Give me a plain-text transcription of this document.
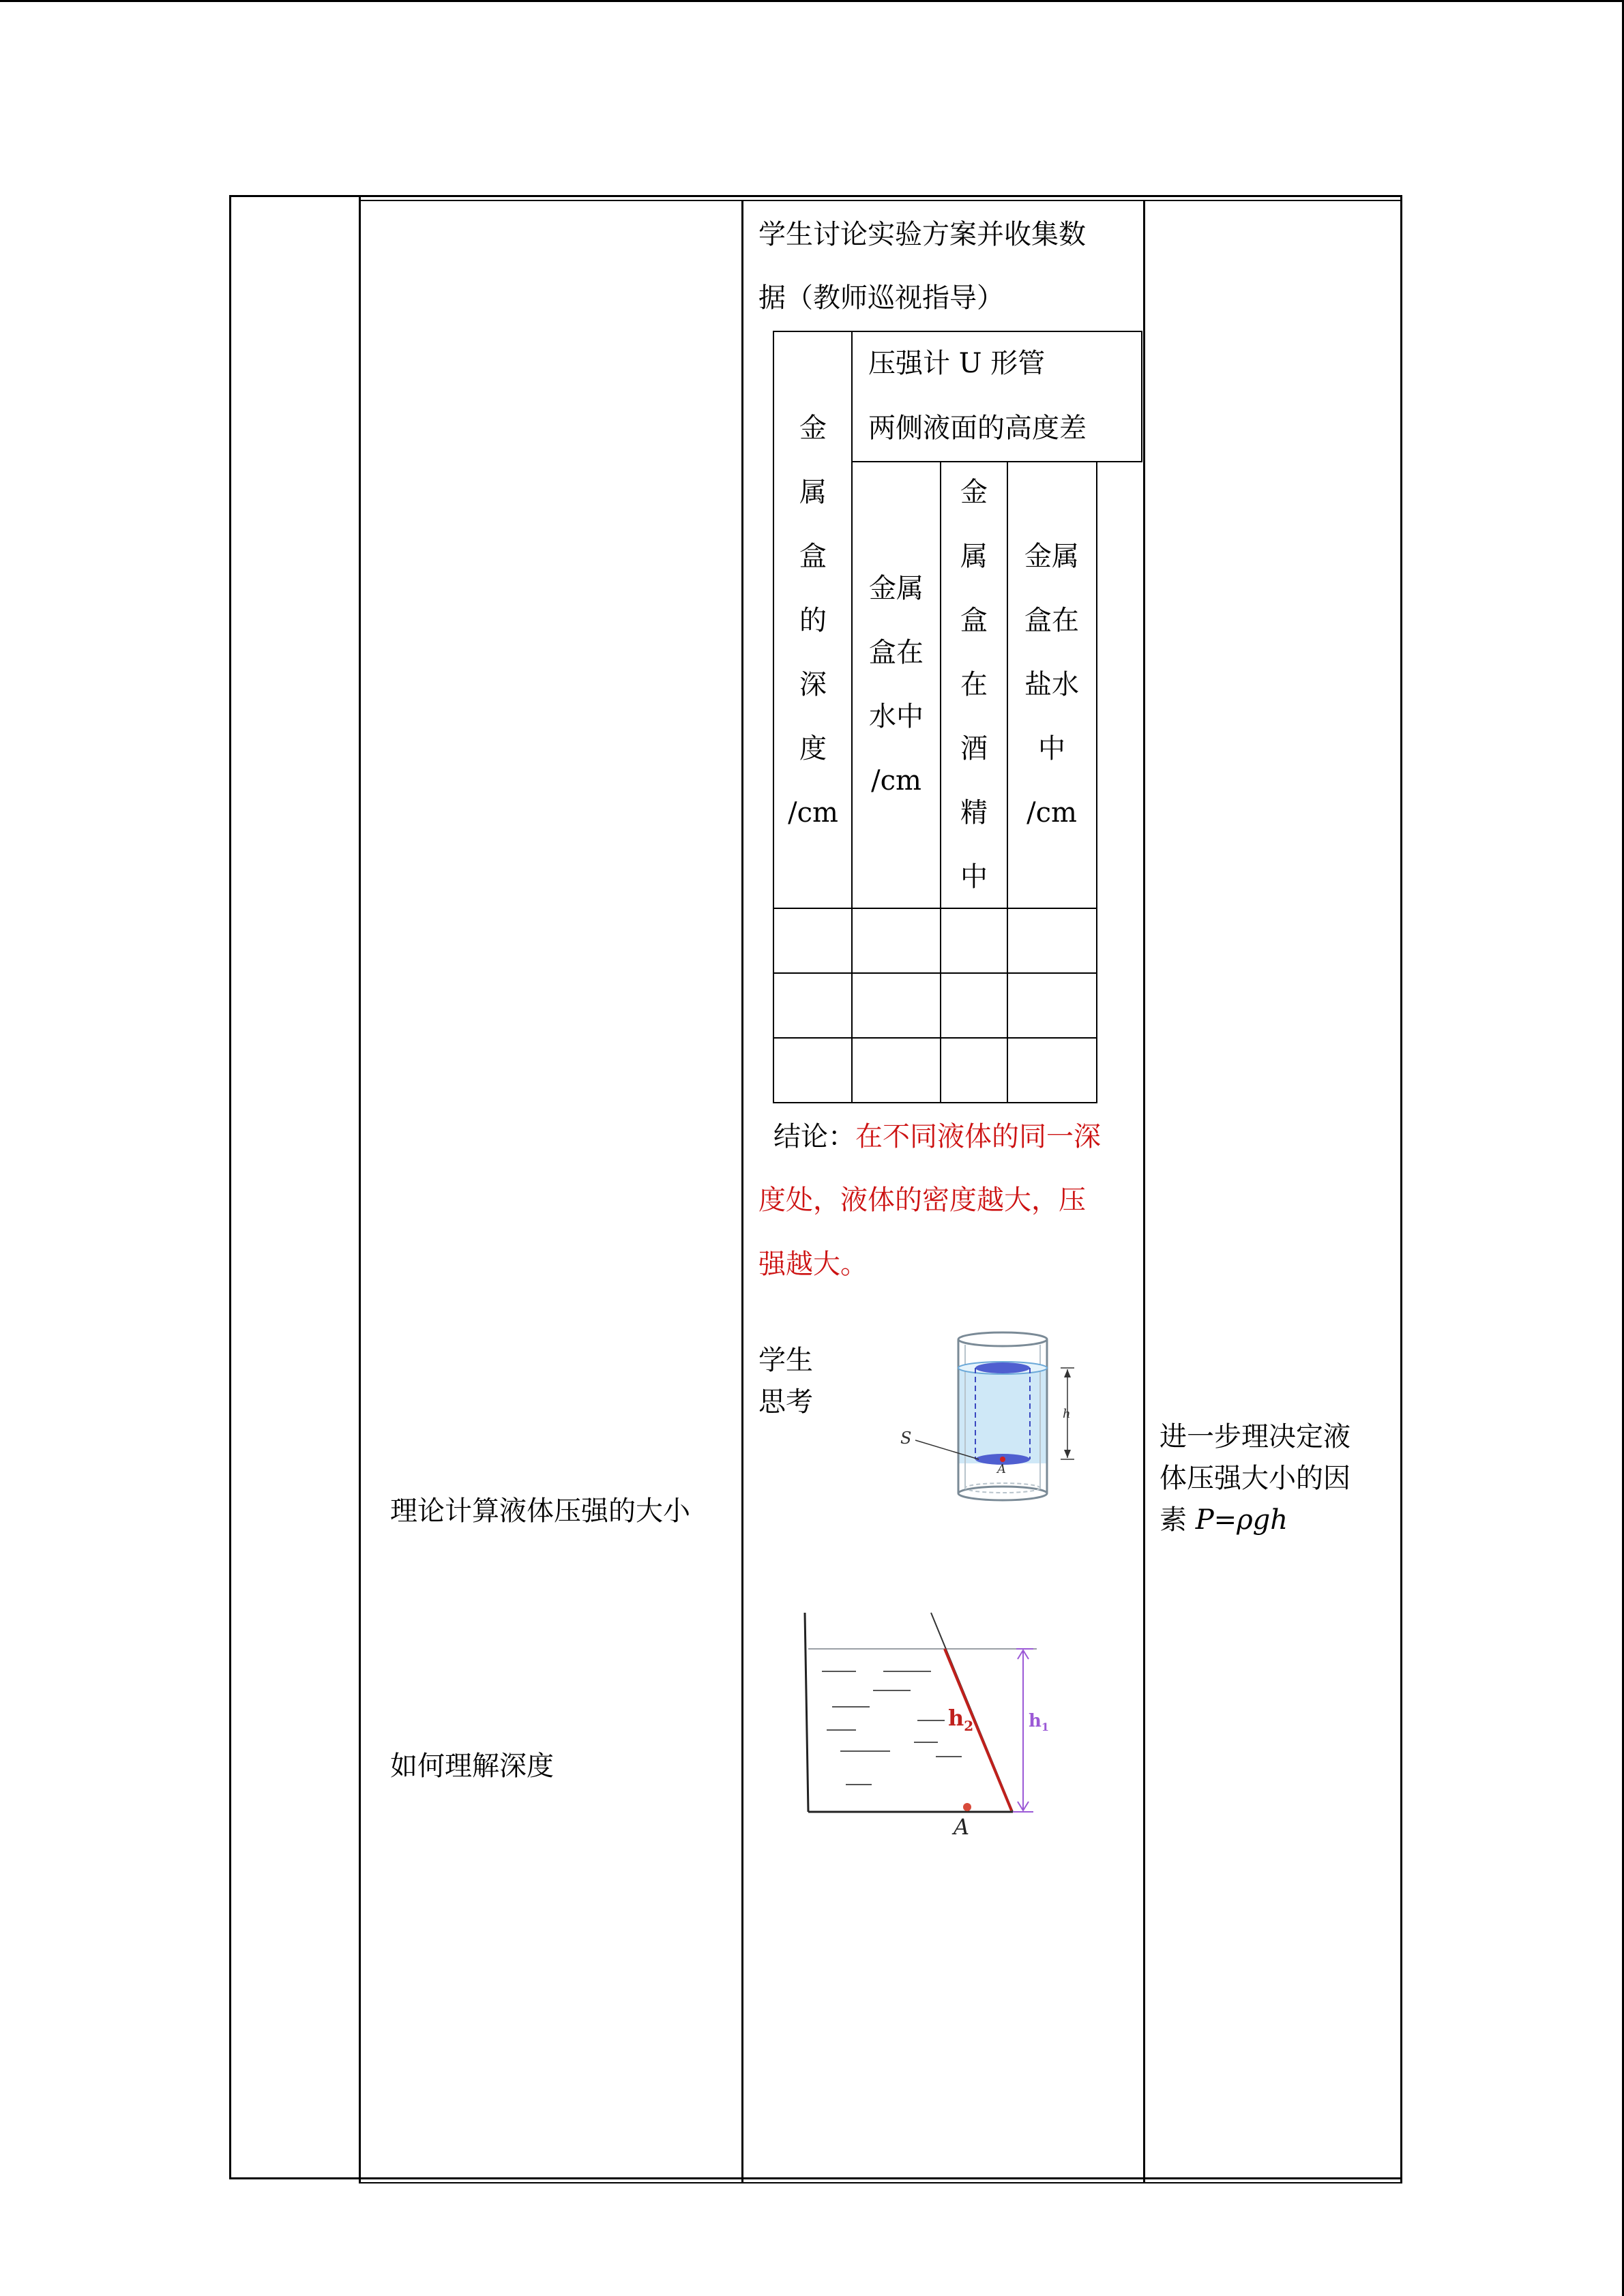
理论计算液体压强的大小
如何理解深度
学生讨论实验方案并收集数
据（教师巡视指导）
压强计 U 形管
两侧液面的高度差
金
属
盒
的
深
度
/cm
金属
盒在
水中
/cm
金
属
盒
在
酒
精
中
金属
盒在
盐水
中
/cm
结论：在不同液体的同一深
度处，液体的密度越大，压
强越大。
学生
思考	h
S
A
$h_2$	$h_1$
A
进一步理决定液
体压强大小的因
素 P=ρgh
